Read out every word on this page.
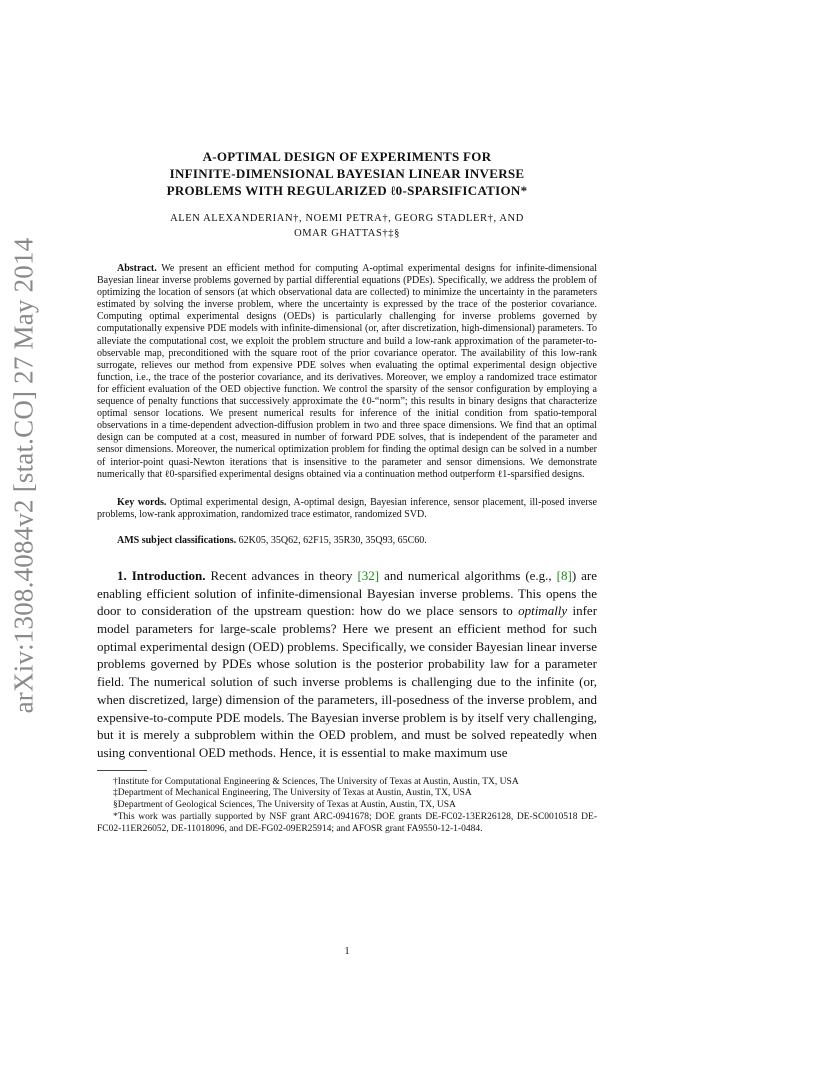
arXiv:1308.4084v2 [stat.CO] 27 May 2014
A-OPTIMAL DESIGN OF EXPERIMENTS FOR
INFINITE-DIMENSIONAL BAYESIAN LINEAR INVERSE
PROBLEMS WITH REGULARIZED ℓ0-SPARSIFICATION*
ALEN ALEXANDERIAN†, NOEMI PETRA†, GEORG STADLER†, AND
OMAR GHATTAS†‡§
Abstract. We present an efficient method for computing A-optimal experimental designs for infinite-dimensional Bayesian linear inverse problems governed by partial differential equations (PDEs). Specifically, we address the problem of optimizing the location of sensors (at which observational data are collected) to minimize the uncertainty in the parameters estimated by solving the inverse problem, where the uncertainty is expressed by the trace of the posterior covariance. Computing optimal experimental designs (OEDs) is particularly challenging for inverse problems governed by computationally expensive PDE models with infinite-dimensional (or, after discretization, high-dimensional) parameters. To alleviate the computational cost, we exploit the problem structure and build a low-rank approximation of the parameter-to-observable map, preconditioned with the square root of the prior covariance operator. The availability of this low-rank surrogate, relieves our method from expensive PDE solves when evaluating the optimal experimental design objective function, i.e., the trace of the posterior covariance, and its derivatives. Moreover, we employ a randomized trace estimator for efficient evaluation of the OED objective function. We control the sparsity of the sensor configuration by employing a sequence of penalty functions that successively approximate the ℓ0-“norm”; this results in binary designs that characterize optimal sensor locations. We present numerical results for inference of the initial condition from spatio-temporal observations in a time-dependent advection-diffusion problem in two and three space dimensions. We find that an optimal design can be computed at a cost, measured in number of forward PDE solves, that is independent of the parameter and sensor dimensions. Moreover, the numerical optimization problem for finding the optimal design can be solved in a number of interior-point quasi-Newton iterations that is insensitive to the parameter and sensor dimensions. We demonstrate numerically that ℓ0-sparsified experimental designs obtained via a continuation method outperform ℓ1-sparsified designs.
Key words. Optimal experimental design, A-optimal design, Bayesian inference, sensor placement, ill-posed inverse problems, low-rank approximation, randomized trace estimator, randomized SVD.
AMS subject classifications. 62K05, 35Q62, 62F15, 35R30, 35Q93, 65C60.
1. Introduction. Recent advances in theory [32] and numerical algorithms (e.g., [8]) are enabling efficient solution of infinite-dimensional Bayesian inverse problems. This opens the door to consideration of the upstream question: how do we place sensors to optimally infer model parameters for large-scale problems? Here we present an efficient method for such optimal experimental design (OED) problems. Specifically, we consider Bayesian linear inverse problems governed by PDEs whose solution is the posterior probability law for a parameter field. The numerical solution of such inverse problems is challenging due to the infinite (or, when discretized, large) dimension of the parameters, ill-posedness of the inverse problem, and expensive-to-compute PDE models. The Bayesian inverse problem is by itself very challenging, but it is merely a subproblem within the OED problem, and must be solved repeatedly when using conventional OED methods. Hence, it is essential to make maximum use

†Institute for Computational Engineering & Sciences, The University of Texas at Austin, Austin, TX, USA

‡Department of Mechanical Engineering, The University of Texas at Austin, Austin, TX, USA

§Department of Geological Sciences, The University of Texas at Austin, Austin, TX, USA

*This work was partially supported by NSF grant ARC-0941678; DOE grants DE-FC02-13ER26128, DE-SC0010518 DE-FC02-11ER26052, DE-11018096, and DE-FG02-09ER25914; and AFOSR grant FA9550-12-1-0484.

1
